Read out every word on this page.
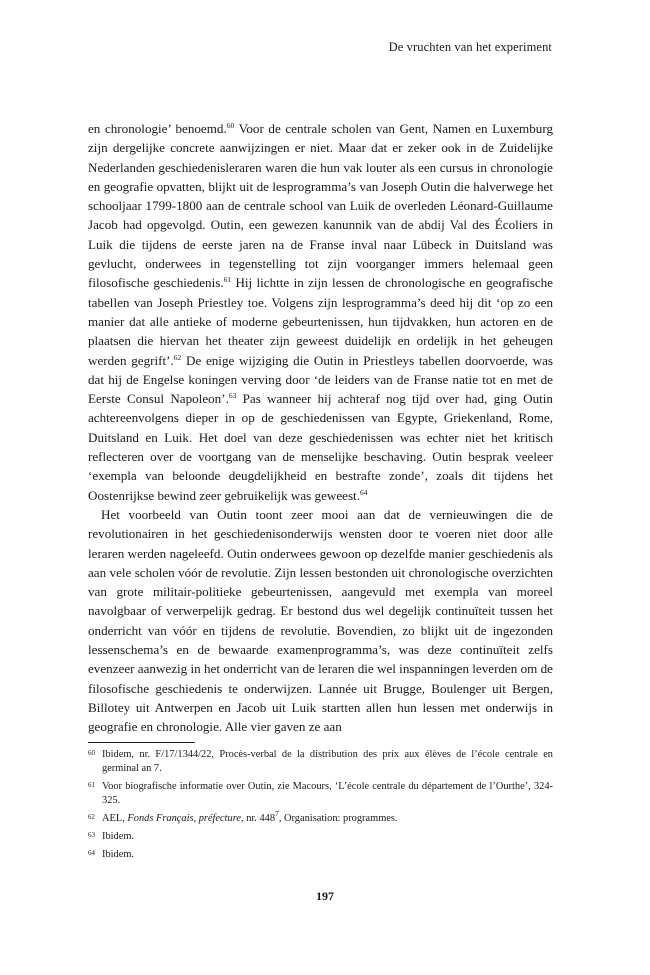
De vruchten van het experiment

en chronologie’ benoemd.$^{60}$ Voor de centrale scholen van Gent, Namen en Luxemburg zijn dergelijke concrete aanwijzingen er niet. Maar dat er zeker ook in de Zuidelijke Nederlanden geschiedenisleraren waren die hun vak louter als een cursus in chronologie en geografie opvatten, blijkt uit de lesprogramma’s van Joseph Outin die halverwege het schooljaar 1799-1800 aan de centrale school van Luik de overleden Léonard-Guillaume Jacob had opgevolgd. Outin, een gewezen kanunnik van de abdij Val des Écoliers in Luik die tijdens de eerste jaren na de Franse inval naar Lübeck in Duitsland was gevlucht, onderwees in tegenstelling tot zijn voorganger immers helemaal geen filosofische geschiedenis.$^{61}$ Hij lichtte in zijn lessen de chronologische en geografische tabellen van Joseph Priestley toe. Volgens zijn lesprogramma’s deed hij dit ‘op zo een manier dat alle antieke of moderne gebeurtenissen, hun tijdvakken, hun actoren en de plaatsen die hiervan het theater zijn geweest duidelijk en ordelijk in het geheugen werden gegrift’.$^{62}$ De enige wijziging die Outin in Priestleys tabellen doorvoerde, was dat hij de Engelse koningen verving door ‘de leiders van de Franse natie tot en met de Eerste Consul Napoleon’.$^{63}$ Pas wanneer hij achteraf nog tijd over had, ging Outin achtereenvolgens dieper in op de geschiedenissen van Egypte, Griekenland, Rome, Duitsland en Luik. Het doel van deze geschiedenissen was echter niet het kritisch reflecteren over de voortgang van de menselijke beschaving. Outin besprak veeleer ‘exempla van beloonde deugdelijkheid en bestrafte zonde’, zoals dit tijdens het Oostenrijkse bewind zeer gebruikelijk was geweest.$^{64}$

Het voorbeeld van Outin toont zeer mooi aan dat de vernieuwingen die de revolutionairen in het geschiedenisonderwijs wensten door te voeren niet door alle leraren werden nageleefd. Outin onderwees gewoon op dezelfde manier geschiedenis als aan vele scholen vóór de revolutie. Zijn lessen bestonden uit chronologische overzichten van grote militair-politieke gebeurtenissen, aangevuld met exempla van moreel navolgbaar of verwerpelijk gedrag. Er bestond dus wel degelijk continuïteit tussen het onderricht van vóór en tijdens de revolutie. Bovendien, zo blijkt uit de ingezonden lessenschema’s en de bewaarde examenprogramma’s, was deze continuïteit zelfs evenzeer aanwezig in het onderricht van de leraren die wel inspanningen leverden om de filosofische geschiedenis te onderwijzen. Lannée uit Brugge, Boulenger uit Bergen, Billotey uit Antwerpen en Jacob uit Luik startten allen hun lessen met onderwijs in geografie en chronologie. Alle vier gaven ze aan

60 Ibidem, nr. F/17/1344/22, Procès-verbal de la distribution des prix aux élèves de l’école centrale en germinal an 7.
61 Voor biografische informatie over Outin, zie Macours, ‘L’école centrale du département de l’Ourthe’, 324-325.
62 AEL, Fonds Français, préfecture, nr. $448^7$, Organisation: programmes.
63 Ibidem.
64 Ibidem.
197
